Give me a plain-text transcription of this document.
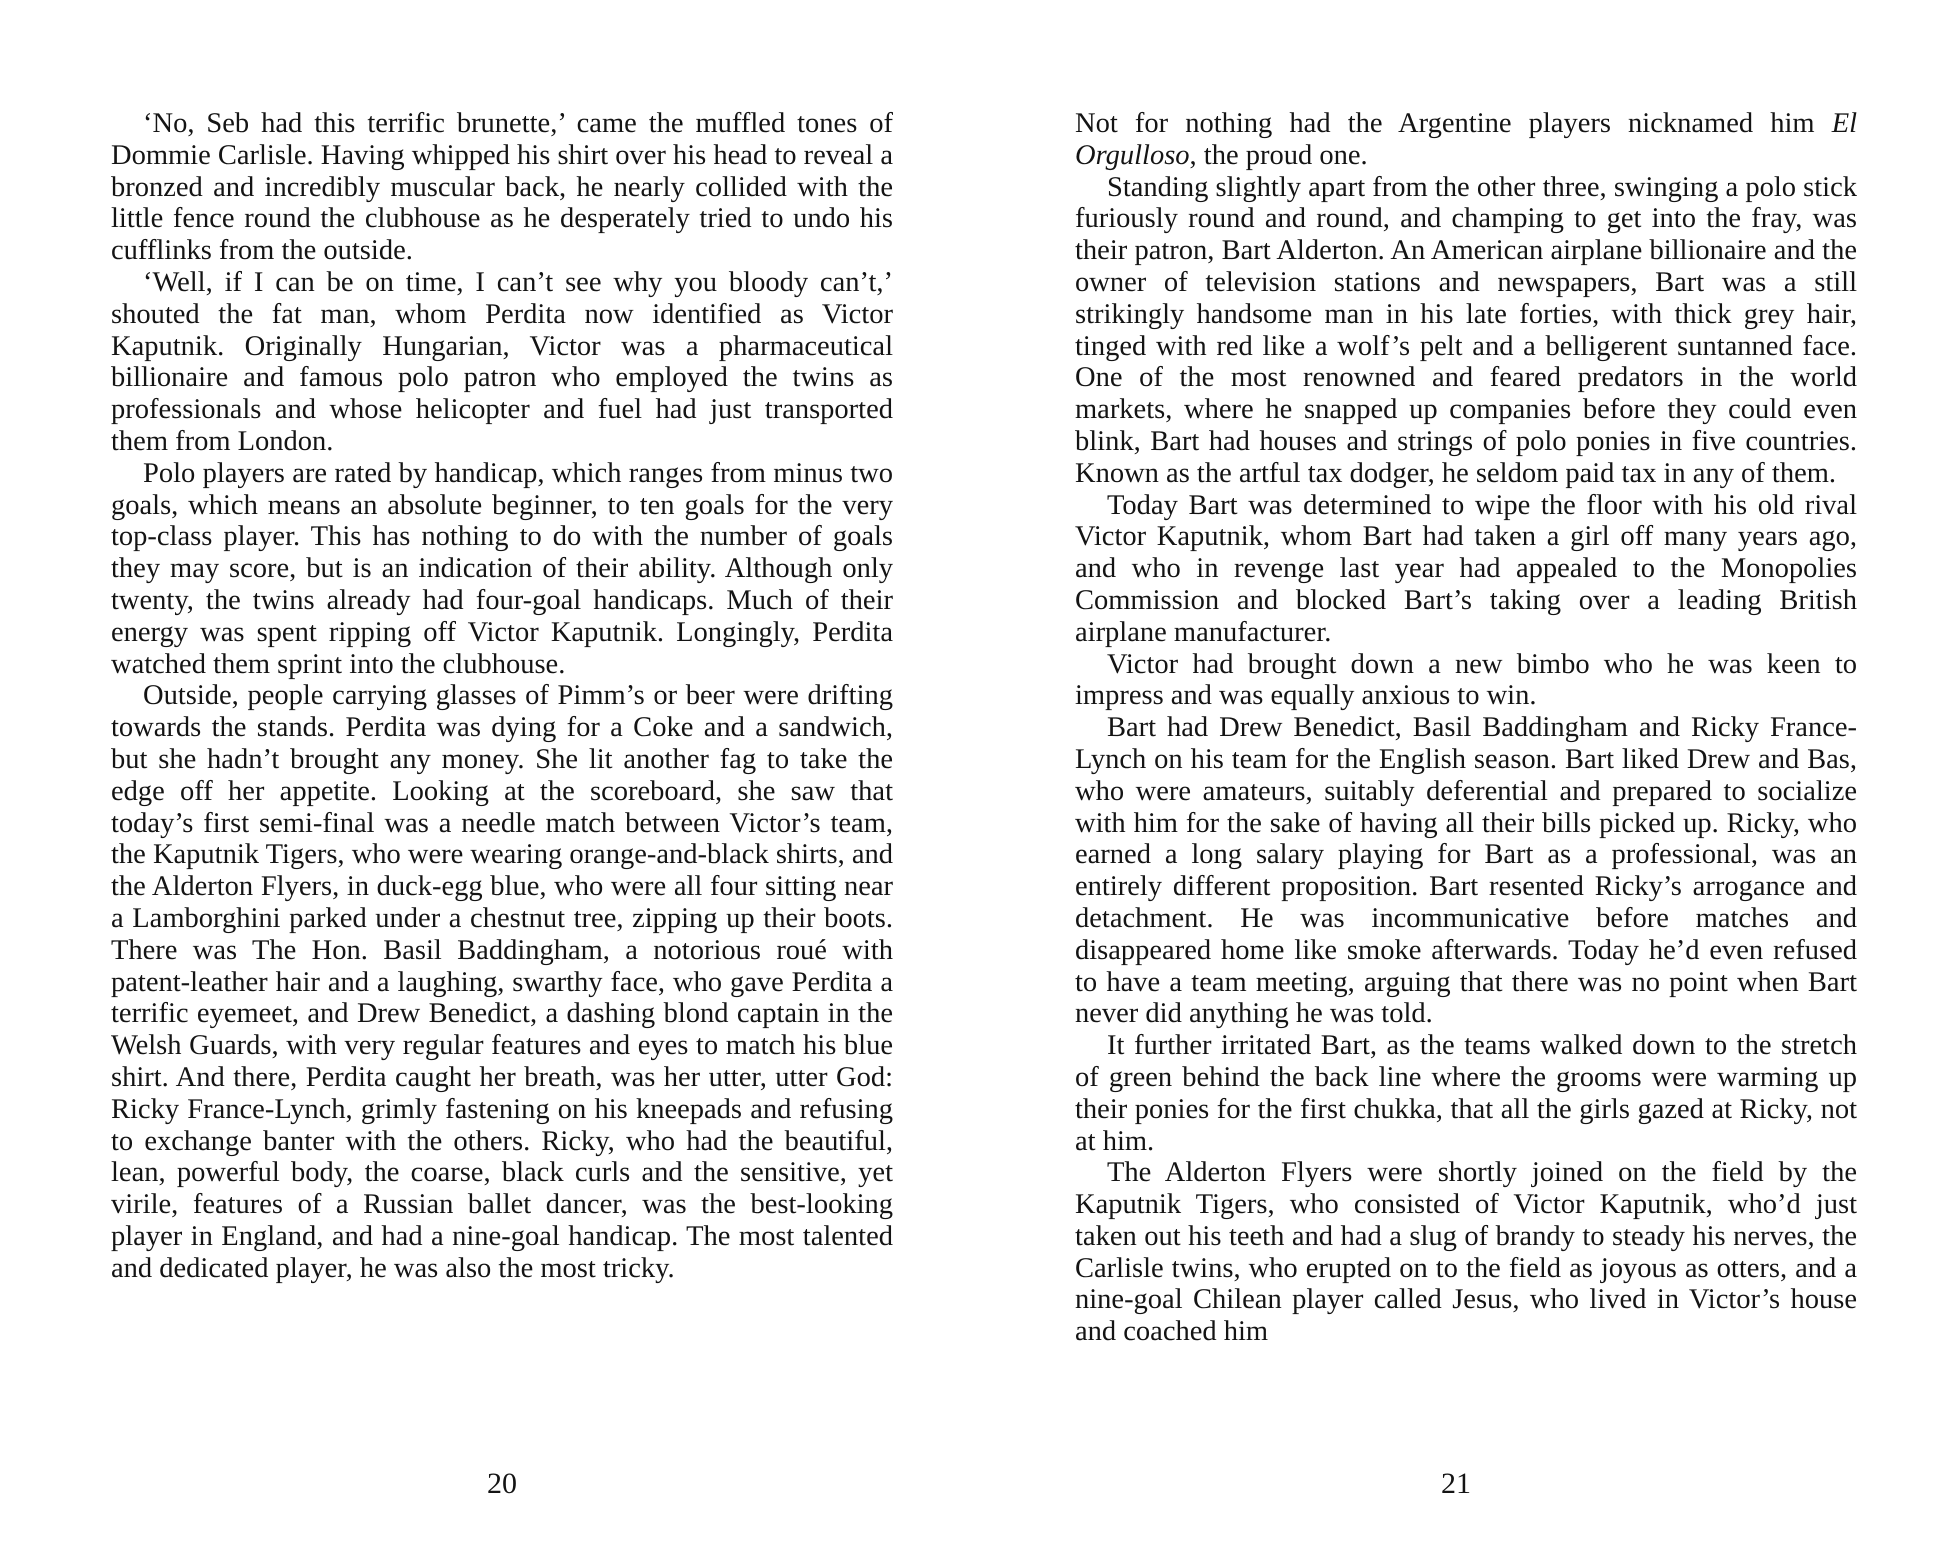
‘No, Seb had this terrific brunette,’ came the muffled tones of Dommie Carlisle. Having whipped his shirt over his head to reveal a bronzed and incredibly muscular back, he nearly collided with the little fence round the clubhouse as he desperately tried to undo his cufflinks from the outside.

‘Well, if I can be on time, I can’t see why you bloody can’t,’ shouted the fat man, whom Perdita now identified as Victor Kaputnik. Originally Hungarian, Victor was a pharmaceutical billionaire and famous polo patron who employed the twins as professionals and whose helicopter and fuel had just transported them from London.

Polo players are rated by handicap, which ranges from minus two goals, which means an absolute beginner, to ten goals for the very top-class player. This has nothing to do with the number of goals they may score, but is an indication of their ability. Although only twenty, the twins already had four-goal handicaps. Much of their energy was spent ripping off Victor Kaputnik. Longingly, Perdita watched them sprint into the clubhouse.

Outside, people carrying glasses of Pimm’s or beer were drifting towards the stands. Perdita was dying for a Coke and a sandwich, but she hadn’t brought any money. She lit another fag to take the edge off her appetite. Looking at the scoreboard, she saw that today’s first semi-final was a needle match between Victor’s team, the Kaputnik Tigers, who were wearing orange-and-black shirts, and the Alderton Flyers, in duck-egg blue, who were all four sitting near a Lamborghini parked under a chestnut tree, zipping up their boots. There was The Hon. Basil Baddingham, a notorious roué with patent-leather hair and a laughing, swarthy face, who gave Perdita a terrific eyemeet, and Drew Benedict, a dashing blond captain in the Welsh Guards, with very regular features and eyes to match his blue shirt. And there, Perdita caught her breath, was her utter, utter God: Ricky France-Lynch, grimly fastening on his kneepads and refusing to exchange banter with the others. Ricky, who had the beautiful, lean, powerful body, the coarse, black curls and the sensitive, yet virile, features of a Russian ballet dancer, was the best-looking player in England, and had a nine-goal handicap. The most talented and dedicated player, he was also the most tricky.

20

Not for nothing had the Argentine players nicknamed him El Orgulloso, the proud one.

Standing slightly apart from the other three, swinging a polo stick furiously round and round, and champing to get into the fray, was their patron, Bart Alderton. An American airplane billionaire and the owner of television stations and newspapers, Bart was a still strikingly handsome man in his late forties, with thick grey hair, tinged with red like a wolf’s pelt and a belligerent suntanned face. One of the most renowned and feared predators in the world markets, where he snapped up companies before they could even blink, Bart had houses and strings of polo ponies in five countries. Known as the artful tax dodger, he seldom paid tax in any of them.

Today Bart was determined to wipe the floor with his old rival Victor Kaputnik, whom Bart had taken a girl off many years ago, and who in revenge last year had appealed to the Monopolies Commission and blocked Bart’s taking over a leading British airplane manufacturer.

Victor had brought down a new bimbo who he was keen to impress and was equally anxious to win.

Bart had Drew Benedict, Basil Baddingham and Ricky France-Lynch on his team for the English season. Bart liked Drew and Bas, who were amateurs, suitably deferential and prepared to socialize with him for the sake of having all their bills picked up. Ricky, who earned a long salary playing for Bart as a professional, was an entirely different proposition. Bart resented Ricky’s arrogance and detachment. He was incommunicative before matches and disappeared home like smoke afterwards. Today he’d even refused to have a team meeting, arguing that there was no point when Bart never did anything he was told.

It further irritated Bart, as the teams walked down to the stretch of green behind the back line where the grooms were warming up their ponies for the first chukka, that all the girls gazed at Ricky, not at him.

The Alderton Flyers were shortly joined on the field by the Kaputnik Tigers, who consisted of Victor Kaputnik, who’d just taken out his teeth and had a slug of brandy to steady his nerves, the Carlisle twins, who erupted on to the field as joyous as otters, and a nine-goal Chilean player called Jesus, who lived in Victor’s house and coached him

21
